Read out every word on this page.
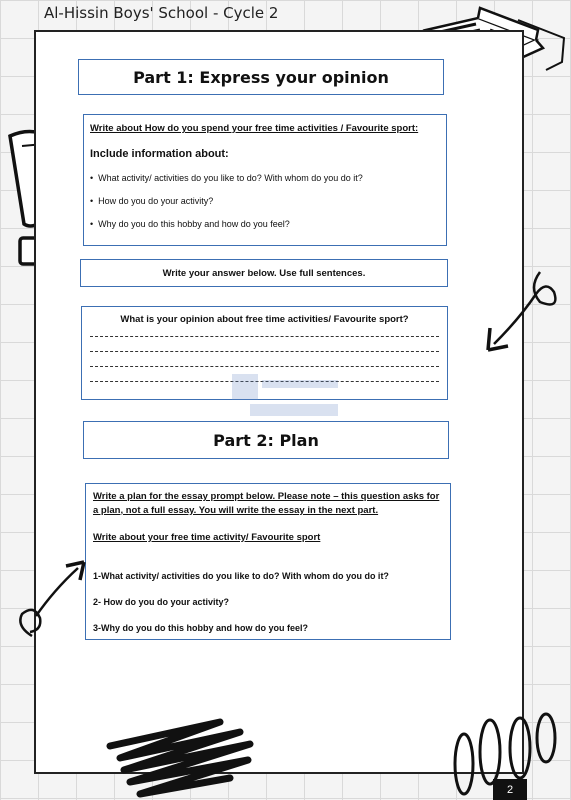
Al-Hissin Boys' School - Cycle 2
Part 1: Express your opinion
Write about How do you spend your free time activities / Favourite sport:
Include information about:
• What activity/ activities do you like to do? With whom do you do it?
• How do you do your activity?
• Why do you do this hobby and how do you feel?
Write your answer below. Use full sentences.
What is your opinion about free time activities/ Favourite sport?
Part 2: Plan
Write a plan for the essay prompt below. Please note – this question asks for a plan, not a full essay. You will write the essay in the next part.
Write about your free time activity/ Favourite sport
1-What activity/ activities do you like to do? With whom do you do it?
2- How do you do your activity?
3-Why do you do this hobby and how do you feel?
2
